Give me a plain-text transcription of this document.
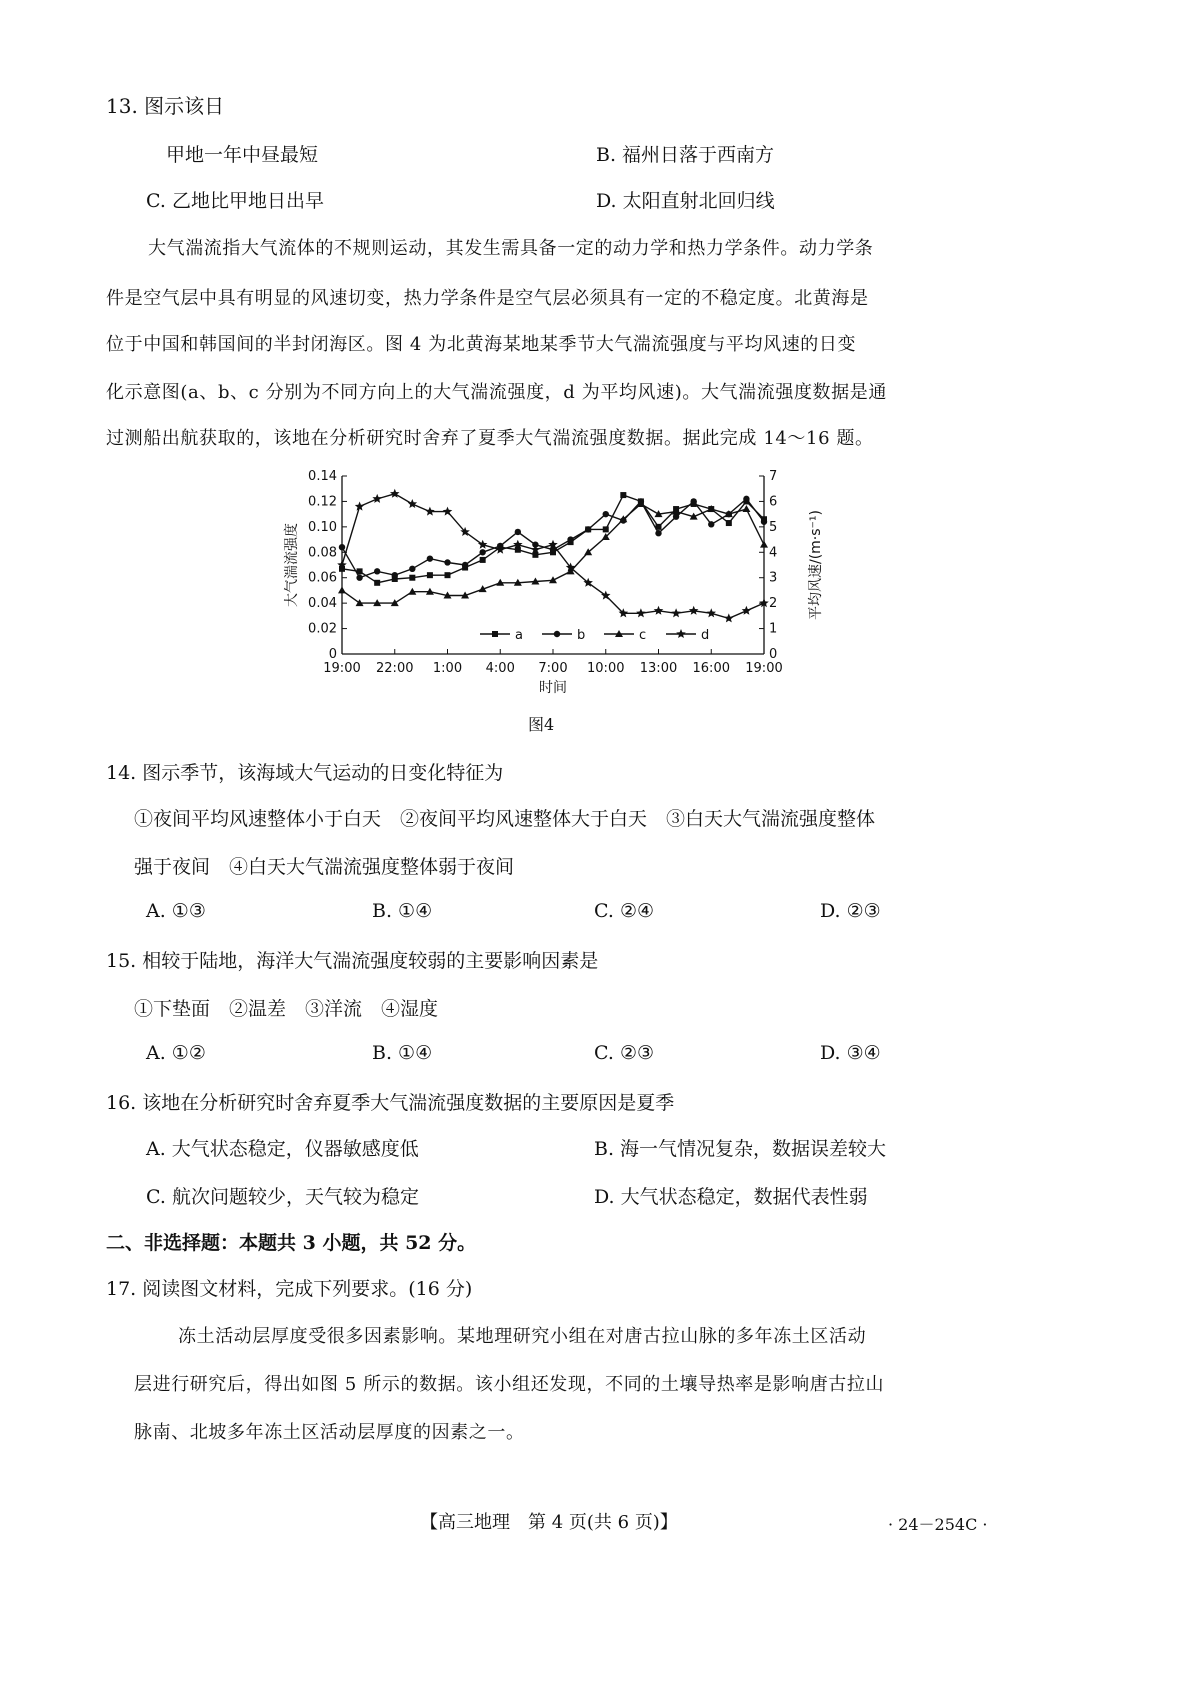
13. 图示该日
甲地一年中昼最短	B. 福州日落于西南方
C. 乙地比甲地日出早	D. 太阳直射北回归线
大气湍流指大气流体的不规则运动，其发生需具备一定的动力学和热力学条件。动力学条
件是空气层中具有明显的风速切变，热力学条件是空气层必须具有一定的不稳定度。北黄海是
位于中国和韩国间的半封闭海区。图 4 为北黄海某地某季节大气湍流强度与平均风速的日变
化示意图(a、b、c 分别为不同方向上的大气湍流强度，d 为平均风速)。大气湍流强度数据是通
过测船出航获取的，该地在分析研究时舍弃了夏季大气湍流强度数据。据此完成 14～16 题。
0
0.02
0.04
0.06
0.08
0.10
0.12
0.14
0
1
2
3
4
5
6
7
19:00 22:00 1:00 4:00 7:00 10:00 13:00 16:00 19:00
时间
大气湍流强度	平均风速/(m·s⁻¹)
a	b	c	d
图4
14. 图示季节，该海域大气运动的日变化特征为
①夜间平均风速整体小于白天　②夜间平均风速整体大于白天　③白天大气湍流强度整体
强于夜间　④白天大气湍流强度整体弱于夜间
A. ①③	B. ①④	C. ②④	D. ②③
15. 相较于陆地，海洋大气湍流强度较弱的主要影响因素是
①下垫面　②温差　③洋流　④湿度
A. ①②	B. ①④	C. ②③	D. ③④
16. 该地在分析研究时舍弃夏季大气湍流强度数据的主要原因是夏季
A. 大气状态稳定，仪器敏感度低	B. 海一气情况复杂，数据误差较大
C. 航次问题较少，天气较为稳定	D. 大气状态稳定，数据代表性弱
二、非选择题：本题共 3 小题，共 52 分。
17. 阅读图文材料，完成下列要求。(16 分)
冻土活动层厚度受很多因素影响。某地理研究小组在对唐古拉山脉的多年冻土区活动
层进行研究后，得出如图 5 所示的数据。该小组还发现，不同的土壤导热率是影响唐古拉山
脉南、北坡多年冻土区活动层厚度的因素之一。
【高三地理　第 4 页(共 6 页)】	· 24－254C ·
